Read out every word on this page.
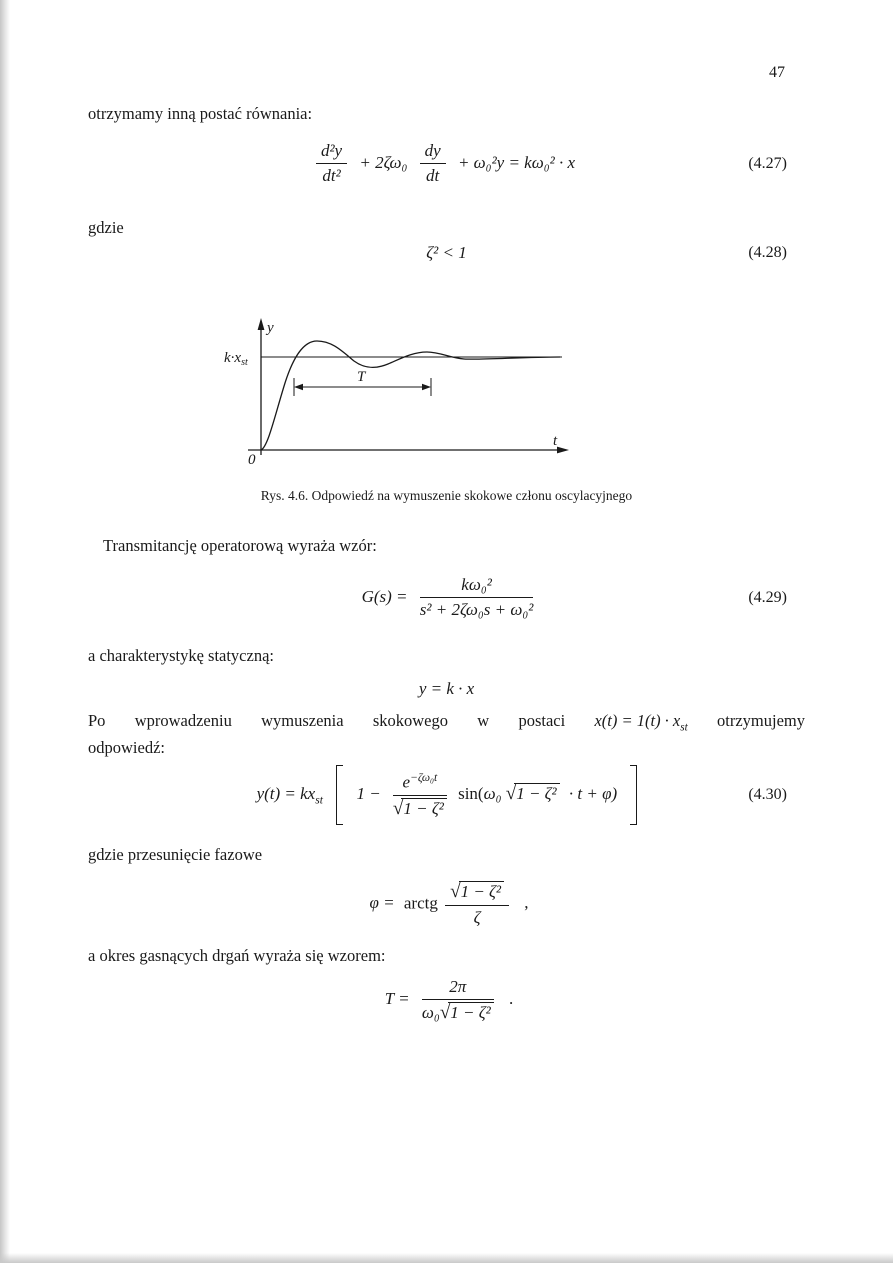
47

otrzymamy inną postać równania:

$\frac{\text{d²y}}{\text{dt²}} + 2\zeta\omega_0 \frac{dy}{dt} + \omega_0^2y = k\omega_0^2 \cdot x$	(4.27)

gdzie

ζ² < 1	(4.28)
y
t
0
$k\cdot x_{st}$
T
Rys. 4.6. Odpowiedź na wymuszenie skokowe członu oscylacyjnego

Transmitancję operatorową wyraża wzór:

$G(s) = \frac{\text{kω₀²}}{\text{s² + 2ζω₀s + ω₀²}}$	(4.29)

a charakterystykę statyczną:

y = k · x
Po wprowadzeniu wymuszenia skokowego w postaci $x(t) = 1(t) \cdot x_{st}$ otrzymujemy
odpowiedź:
$y(t) = kx_{st}$ $1 - \frac{e^{-\zeta\omega_0t}}{\text{√1 − ζ²}} \sin(\omega_0$ √1 − ζ² · t + φ)	(4.30)

gdzie przesunięcie fazowe

φ = arctg $\frac{\text{√1 − ζ²}}{\zeta}$ ,

a okres gasnących drgań wyraża się wzorem:

$T = \frac{2\pi}{\text{ω₀√1 − ζ²}}$ .
